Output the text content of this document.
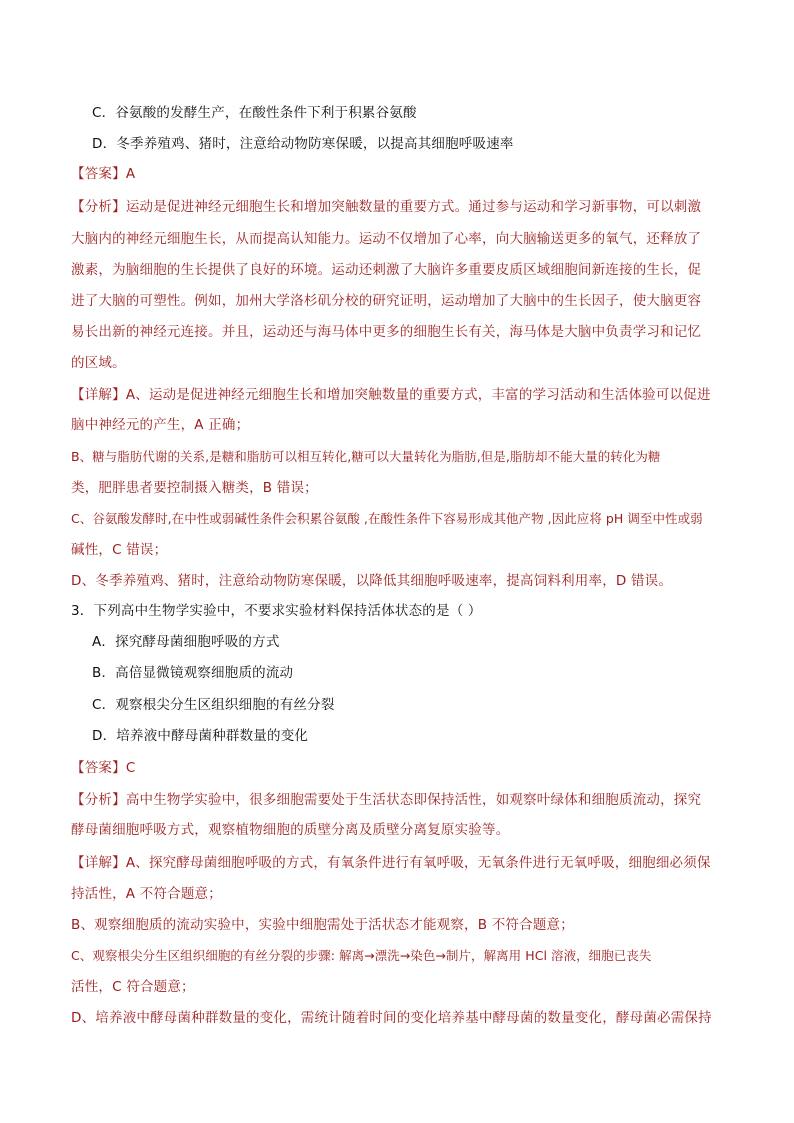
C．谷氨酸的发酵生产，在酸性条件下利于积累谷氨酸
D．冬季养殖鸡、猪时，注意给动物防寒保暖，以提高其细胞呼吸速率
【答案】A
【分析】运动是促进神经元细胞生长和增加突触数量的重要方式。通过参与运动和学习新事物，可以刺激
大脑内的神经元细胞生长，从而提高认知能力。运动不仅增加了心率，向大脑输送更多的氧气，还释放了
激素，为脑细胞的生长提供了良好的环境。运动还刺激了大脑许多重要皮质区域细胞间新连接的生长，促
进了大脑的可塑性。例如，加州大学洛杉矶分校的研究证明，运动增加了大脑中的生长因子，使大脑更容
易长出新的神经元连接。并且，运动还与海马体中更多的细胞生长有关，海马体是大脑中负责学习和记忆
的区域。
【详解】A、运动是促进神经元细胞生长和增加突触数量的重要方式，丰富的学习活动和生活体验可以促进
脑中神经元的产生，A 正确；
B、糖与脂肪代谢的关系,是糖和脂肪可以相互转化,糖可以大量转化为脂肪,但是,脂肪却不能大量的转化为糖
类，肥胖患者要控制摄入糖类，B 错误；
C、谷氨酸发酵时,在中性或弱碱性条件会积累谷氨酸 ,在酸性条件下容易形成其他产物 ,因此应将 pH 调至中性或弱
碱性，C 错误；
D、冬季养殖鸡、猪时，注意给动物防寒保暖，以降低其细胞呼吸速率，提高饲料利用率，D 错误。
3．下列高中生物学实验中，不要求实验材料保持活体状态的是（ ）
A．探究酵母菌细胞呼吸的方式
B．高倍显微镜观察细胞质的流动
C．观察根尖分生区组织细胞的有丝分裂
D．培养液中酵母菌种群数量的变化
【答案】C
【分析】高中生物学实验中，很多细胞需要处于生活状态即保持活性，如观察叶绿体和细胞质流动，探究
酵母菌细胞呼吸方式，观察植物细胞的质壁分离及质壁分离复原实验等。
【详解】A、探究酵母菌细胞呼吸的方式，有氧条件进行有氧呼吸，无氧条件进行无氧呼吸，细胞细必须保
持活性，A 不符合题意；
B、观察细胞质的流动实验中，实验中细胞需处于活状态才能观察，B 不符合题意；
C、观察根尖分生区组织细胞的有丝分裂的步骤: 解离→漂洗→染色→制片，解离用 HCl 溶液，细胞已丧失
活性，C 符合题意；
D、培养液中酵母菌种群数量的变化，需统计随着时间的变化培养基中酵母菌的数量变化，酵母菌必需保持
